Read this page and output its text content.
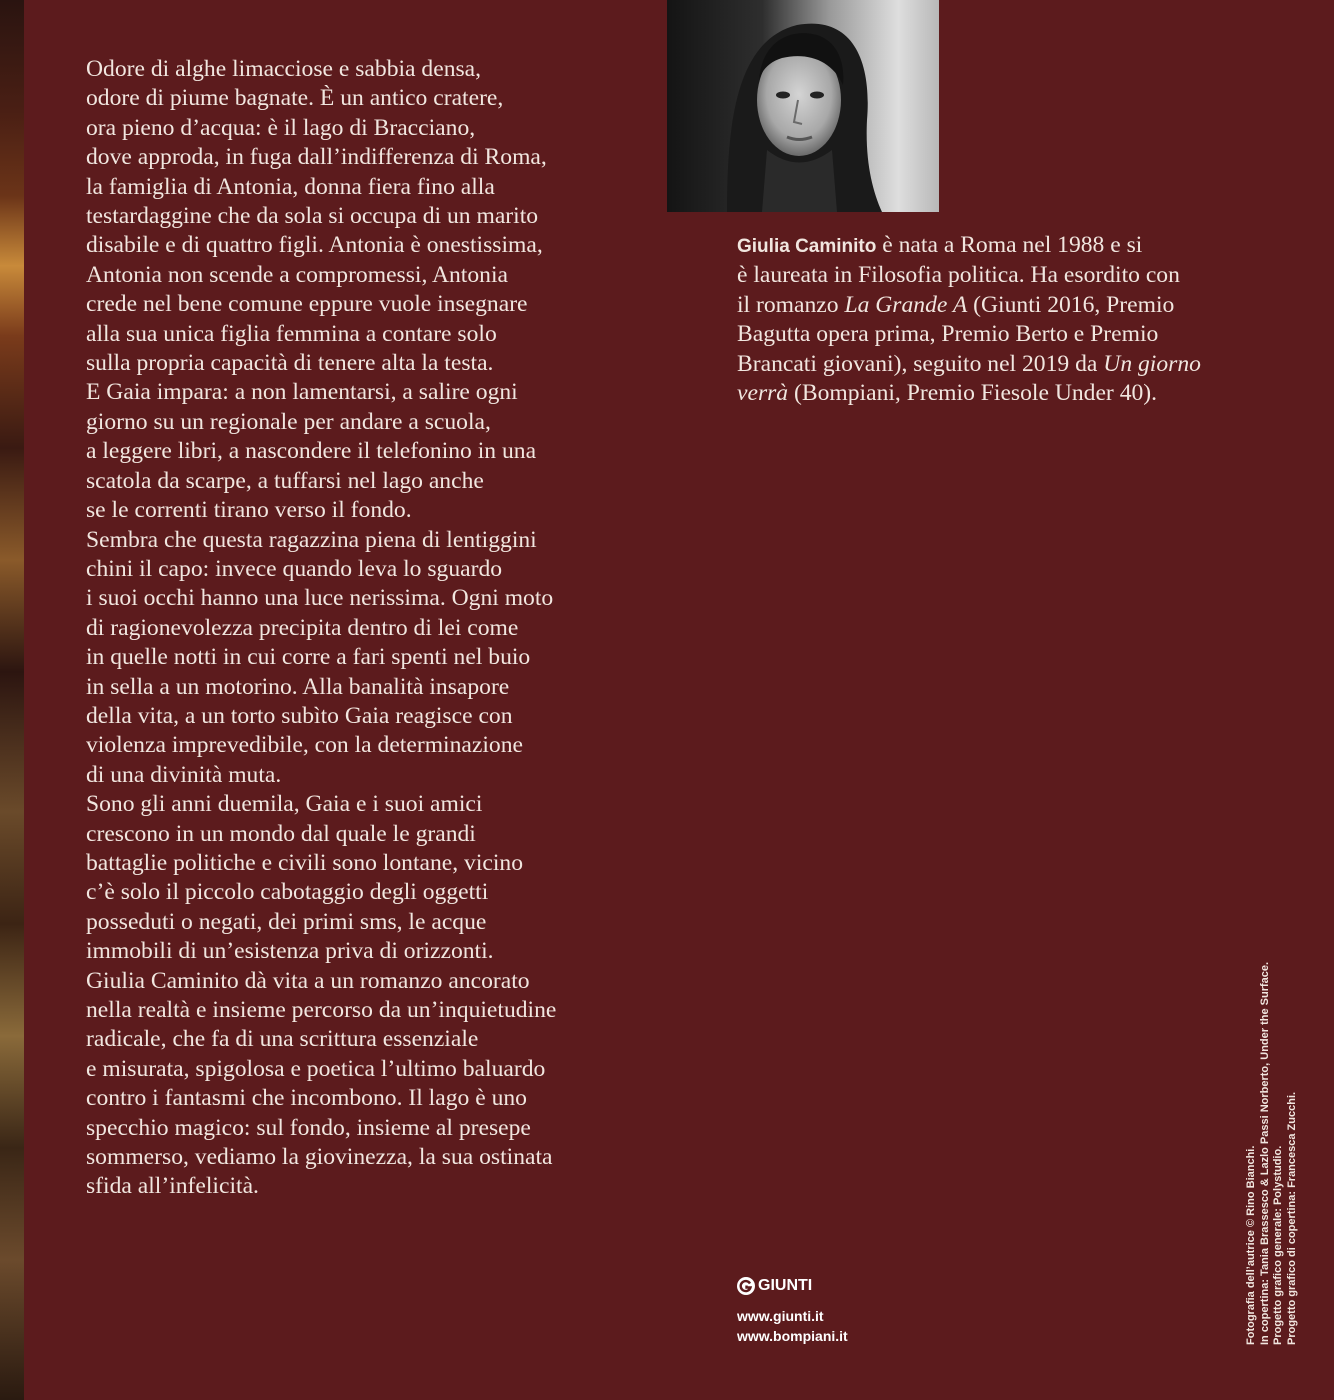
Odore di alghe limacciose e sabbia densa,
odore di piume bagnate. È un antico cratere,
ora pieno d’acqua: è il lago di Bracciano,
dove approda, in fuga dall’indifferenza di Roma,
la famiglia di Antonia, donna fiera fino alla
testardaggine che da sola si occupa di un marito
disabile e di quattro figli. Antonia è onestissima,
Antonia non scende a compromessi, Antonia
crede nel bene comune eppure vuole insegnare
alla sua unica figlia femmina a contare solo
sulla propria capacità di tenere alta la testa.
E Gaia impara: a non lamentarsi, a salire ogni
giorno su un regionale per andare a scuola,
a leggere libri, a nascondere il telefonino in una
scatola da scarpe, a tuffarsi nel lago anche
se le correnti tirano verso il fondo.
Sembra che questa ragazzina piena di lentiggini
chini il capo: invece quando leva lo sguardo
i suoi occhi hanno una luce nerissima. Ogni moto
di ragionevolezza precipita dentro di lei come
in quelle notti in cui corre a fari spenti nel buio
in sella a un motorino. Alla banalità insapore
della vita, a un torto subìto Gaia reagisce con
violenza imprevedibile, con la determinazione
di una divinità muta.
Sono gli anni duemila, Gaia e i suoi amici
crescono in un mondo dal quale le grandi
battaglie politiche e civili sono lontane, vicino
c’è solo il piccolo cabotaggio degli oggetti
posseduti o negati, dei primi sms, le acque
immobili di un’esistenza priva di orizzonti.
Giulia Caminito dà vita a un romanzo ancorato
nella realtà e insieme percorso da un’inquietudine
radicale, che fa di una scrittura essenziale
e misurata, spigolosa e poetica l’ultimo baluardo
contro i fantasmi che incombono. Il lago è uno
specchio magico: sul fondo, insieme al presepe
sommerso, vediamo la giovinezza, la sua ostinata
sfida all’infelicità.
Giulia Caminito è nata a Roma nel 1988 e si
è laureata in Filosofia politica. Ha esordito con
il romanzo La Grande A (Giunti 2016, Premio
Bagutta opera prima, Premio Berto e Premio
Brancati giovani), seguito nel 2019 da Un giorno
verrà (Bompiani, Premio Fiesole Under 40).
GIUNTI
www.giunti.it
www.bompiani.it	Fotografia dell’autrice © Rino Bianchi. In copertina: Tania Brassesco & Lazlo Passi Norberto, Under the Surface. Progetto grafico generale: Polystudio. Progetto grafico di copertina: Francesca Zucchi.
